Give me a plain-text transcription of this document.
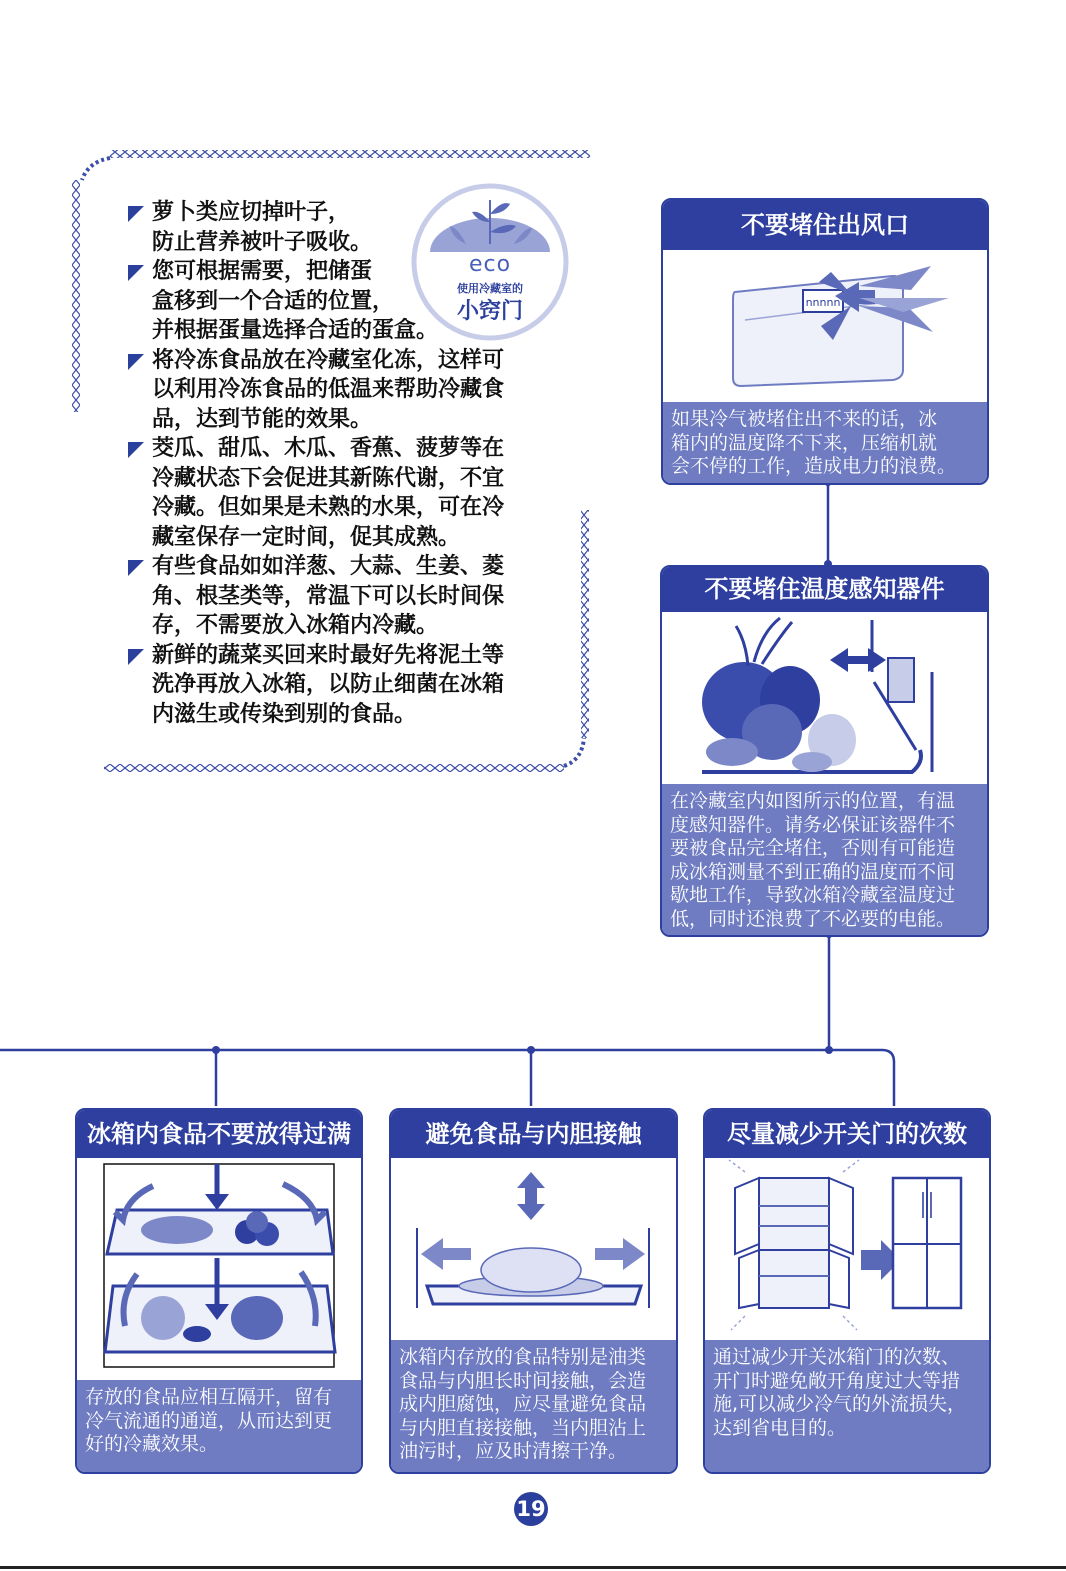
萝卜类应切掉叶子，
防止营养被叶子吸收。
您可根据需要，把储蛋
盒移到一个合适的位置，
并根据蛋量选择合适的蛋盒。
将冷冻食品放在冷藏室化冻，这样可
以利用冷冻食品的低温来帮助冷藏食
品，达到节能的效果。
茭瓜、甜瓜、木瓜、香蕉、菠萝等在
冷藏状态下会促进其新陈代谢，不宜
冷藏。但如果是未熟的水果，可在冷
藏室保存一定时间，促其成熟。
有些食品如如洋葱、大蒜、生姜、菱
角、根茎类等，常温下可以长时间保
存，不需要放入冰箱内冷藏。
新鲜的蔬菜买回来时最好先将泥土等
洗净再放入冰箱，以防止细菌在冰箱
内滋生或传染到别的食品。
eco
使用冷藏室的
小窍门
不要堵住出风口
nnnnn
如果冷气被堵住出不来的话，冰
箱内的温度降不下来，压缩机就
会不停的工作，造成电力的浪费。
不要堵住温度感知器件
在冷藏室内如图所示的位置，有温
度感知器件。请务必保证该器件不
要被食品完全堵住，否则有可能造
成冰箱测量不到正确的温度而不间
歇地工作，导致冰箱冷藏室温度过
低，同时还浪费了不必要的电能。
冰箱内食品不要放得过满
存放的食品应相互隔开，留有
冷气流通的通道，从而达到更
好的冷藏效果。
避免食品与内胆接触
冰箱内存放的食品特别是油类
食品与内胆长时间接触，会造
成内胆腐蚀，应尽量避免食品
与内胆直接接触，当内胆沾上
油污时，应及时清擦干净。
尽量减少开关门的次数
通过减少开关冰箱门的次数、
开门时避免敞开角度过大等措
施,可以减少冷气的外流损失，
达到省电目的。
19
